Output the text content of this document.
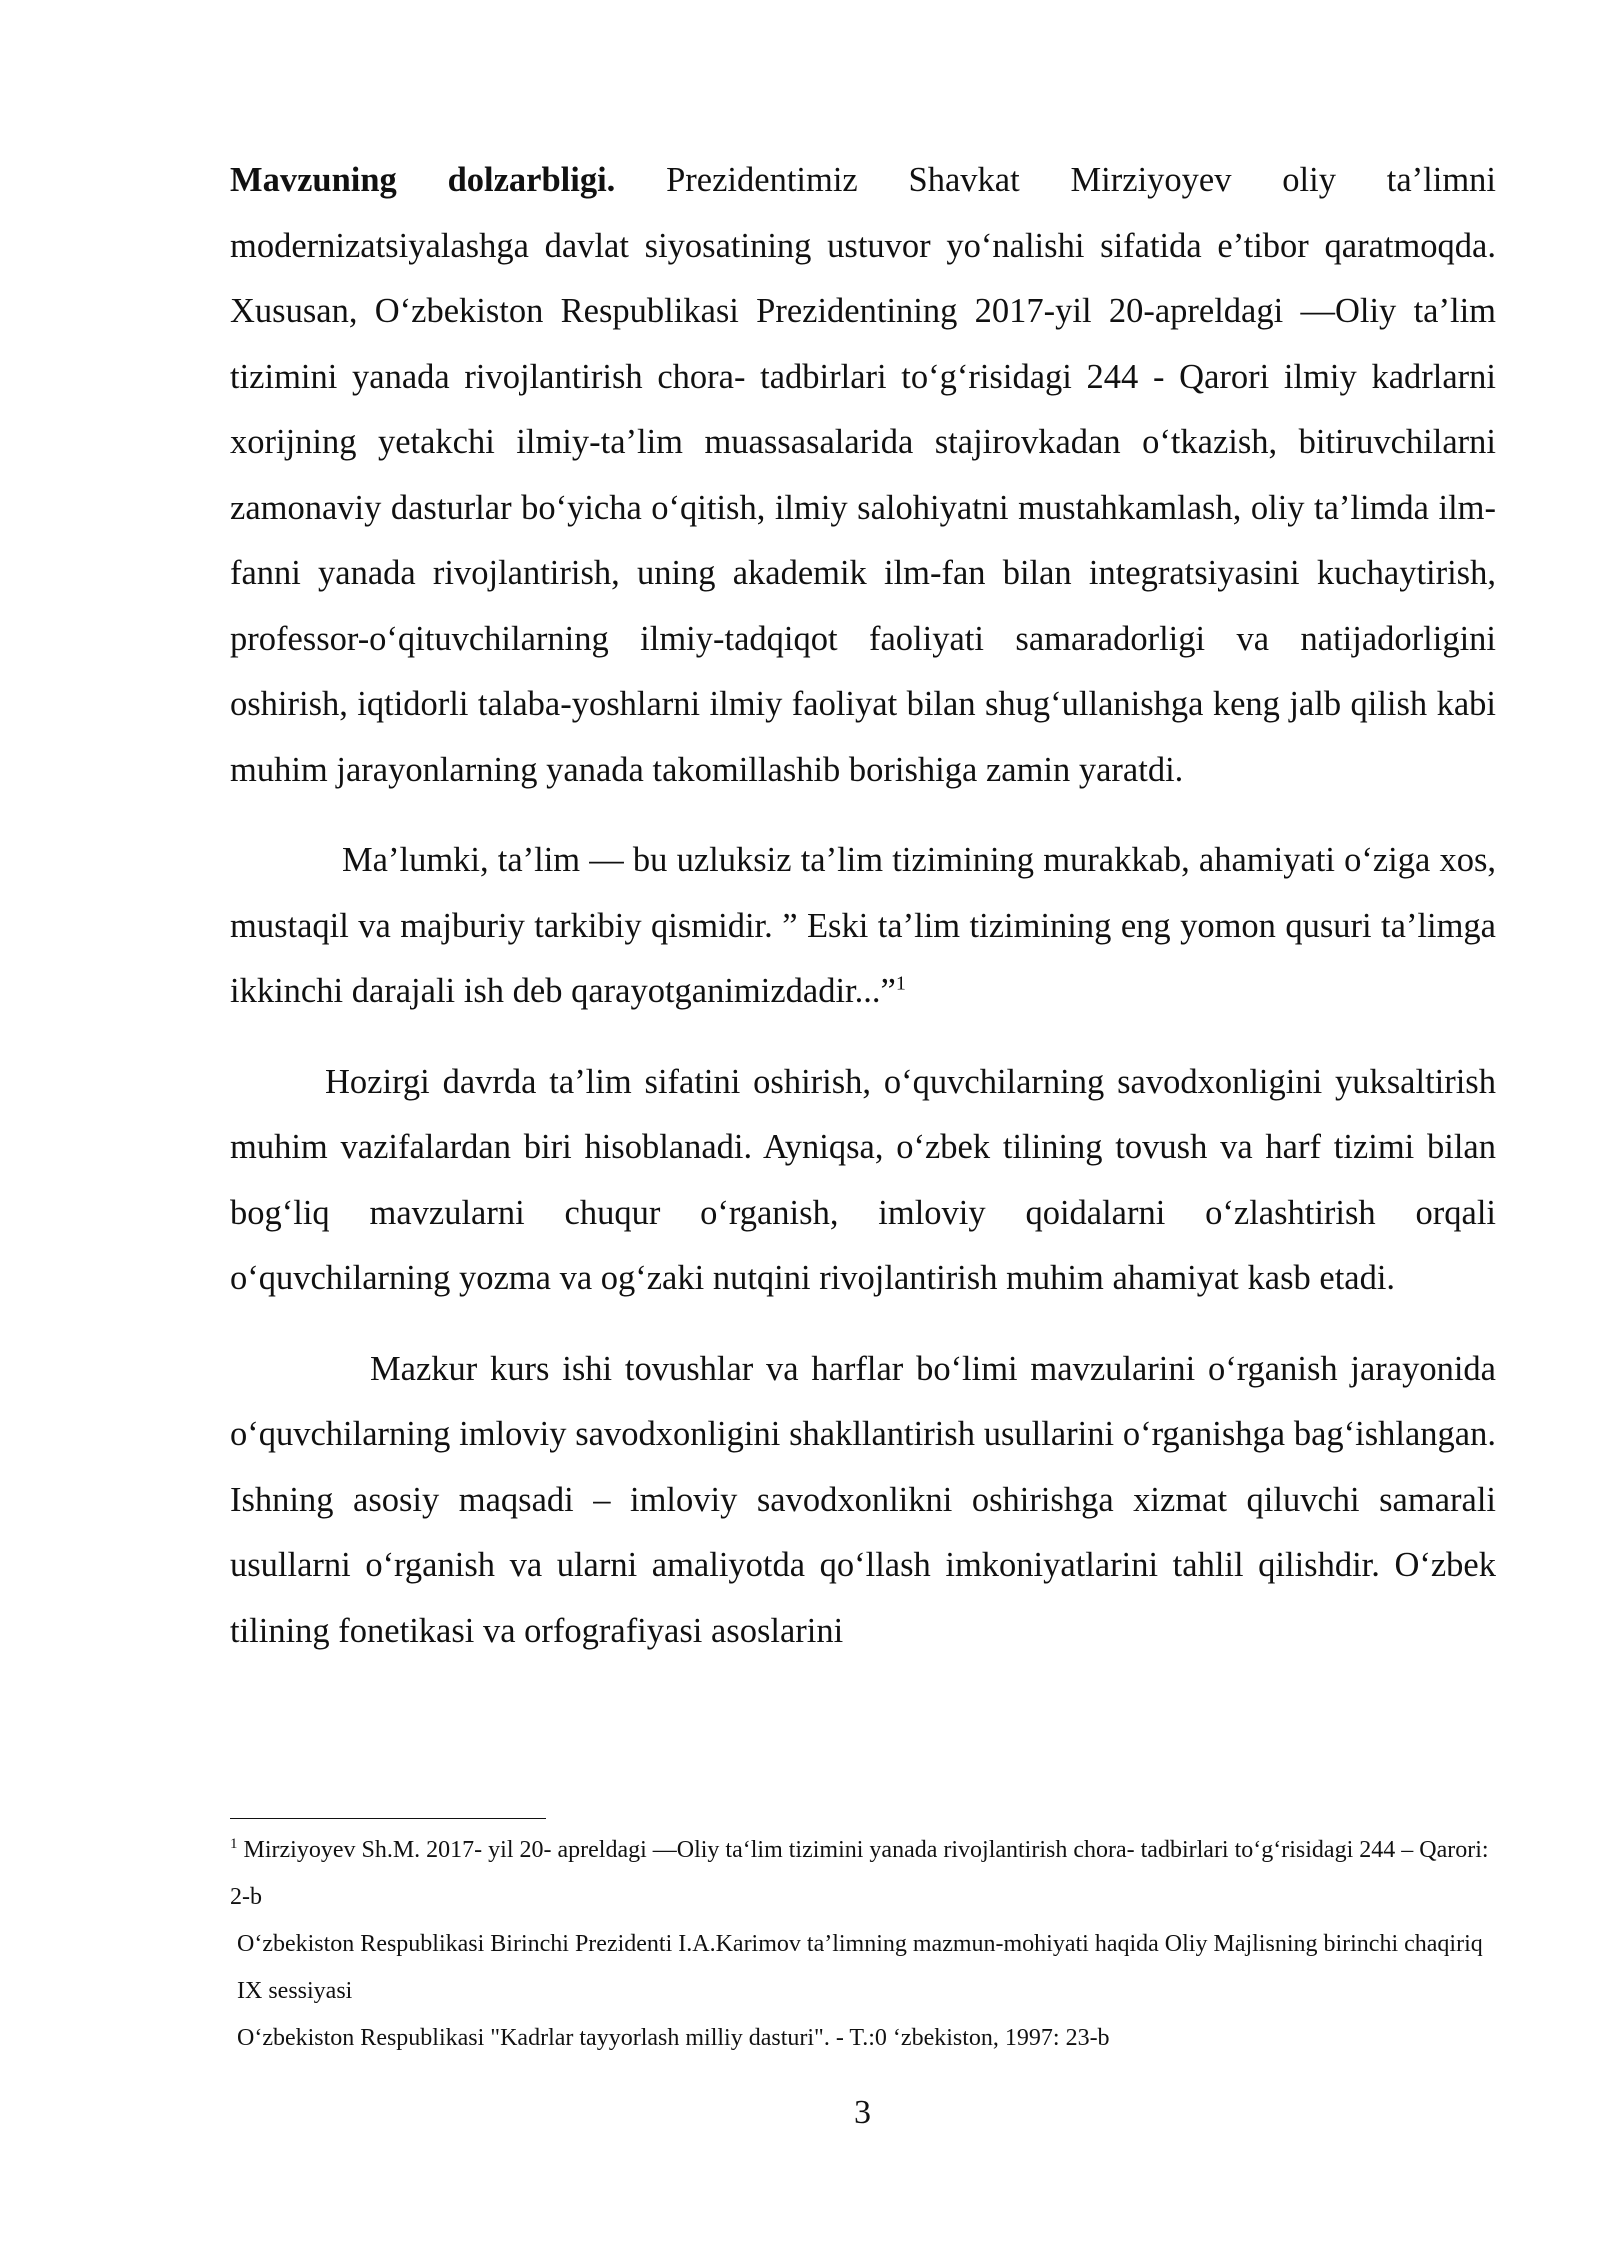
Mavzuning dolzarbligi. Prezidentimiz Shavkat Mirziyoyev oliy ta’limni modernizatsiyalashga davlat siyosatining ustuvor yo‘nalishi sifatida e’tibor qaratmoqda. Xususan, O‘zbekiston Respublikasi Prezidentining 2017-yil 20-apreldagi ―Oliy ta’lim tizimini yanada rivojlantirish chora- tadbirlari to‘g‘risidagi 244 - Qarori ilmiy kadrlarni xorijning yetakchi ilmiy-ta’lim muassasalarida stajirovkadan o‘tkazish, bitiruvchilarni zamonaviy dasturlar bo‘yicha o‘qitish, ilmiy salohiyatni mustahkamlash, oliy ta’limda ilm-fanni yanada rivojlantirish, uning akademik ilm-fan bilan integratsiyasini kuchaytirish, professor-o‘qituvchilarning ilmiy-tadqiqot faoliyati samaradorligi va natijadorligini oshirish, iqtidorli talaba-yoshlarni ilmiy faoliyat bilan shug‘ullanishga keng jalb qilish kabi muhim jarayonlarning yanada takomillashib borishiga zamin yaratdi.

Ma’lumki, ta’lim — bu uzluksiz ta’lim tizimining murakkab, ahamiyati o‘ziga xos, mustaqil va majburiy tarkibiy qismidir. ” Eski ta’lim tizimining eng yomon qusuri ta’limga ikkinchi darajali ish deb qarayotganimizdadir...”$^1$

Hozirgi davrda ta’lim sifatini oshirish, o‘quvchilarning savodxonligini yuksaltirish muhim vazifalardan biri hisoblanadi. Ayniqsa, o‘zbek tilining tovush va harf tizimi bilan bog‘liq mavzularni chuqur o‘rganish, imloviy qoidalarni o‘zlashtirish orqali o‘quvchilarning yozma va og‘zaki nutqini rivojlantirish muhim ahamiyat kasb etadi.

Mazkur kurs ishi tovushlar va harflar bo‘limi mavzularini o‘rganish jarayonida o‘quvchilarning imloviy savodxonligini shakllantirish usullarini o‘rganishga bag‘ishlangan. Ishning asosiy maqsadi – imloviy savodxonlikni oshirishga xizmat qiluvchi samarali usullarni o‘rganish va ularni amaliyotda qo‘llash imkoniyatlarini tahlil qilishdir. O‘zbek tilining fonetikasi va orfografiyasi asoslarini

$^1$ Mirziyoyev Sh.M. 2017- yil 20- apreldagi ―Oliy ta‘lim tizimini yanada rivojlantirish chora- tadbirlari to‘g‘risidagi 244 – Qarori: 2-b

O‘zbekiston Respublikasi Birinchi Prezidenti I.A.Karimov ta’limning mazmun-mohiyati haqida Oliy Majlisning birinchi chaqiriq IX sessiyasi

O‘zbekiston Respublikasi "Kadrlar tayyorlash milliy dasturi". - T.:0 ‘zbekiston, 1997: 23-b

3
